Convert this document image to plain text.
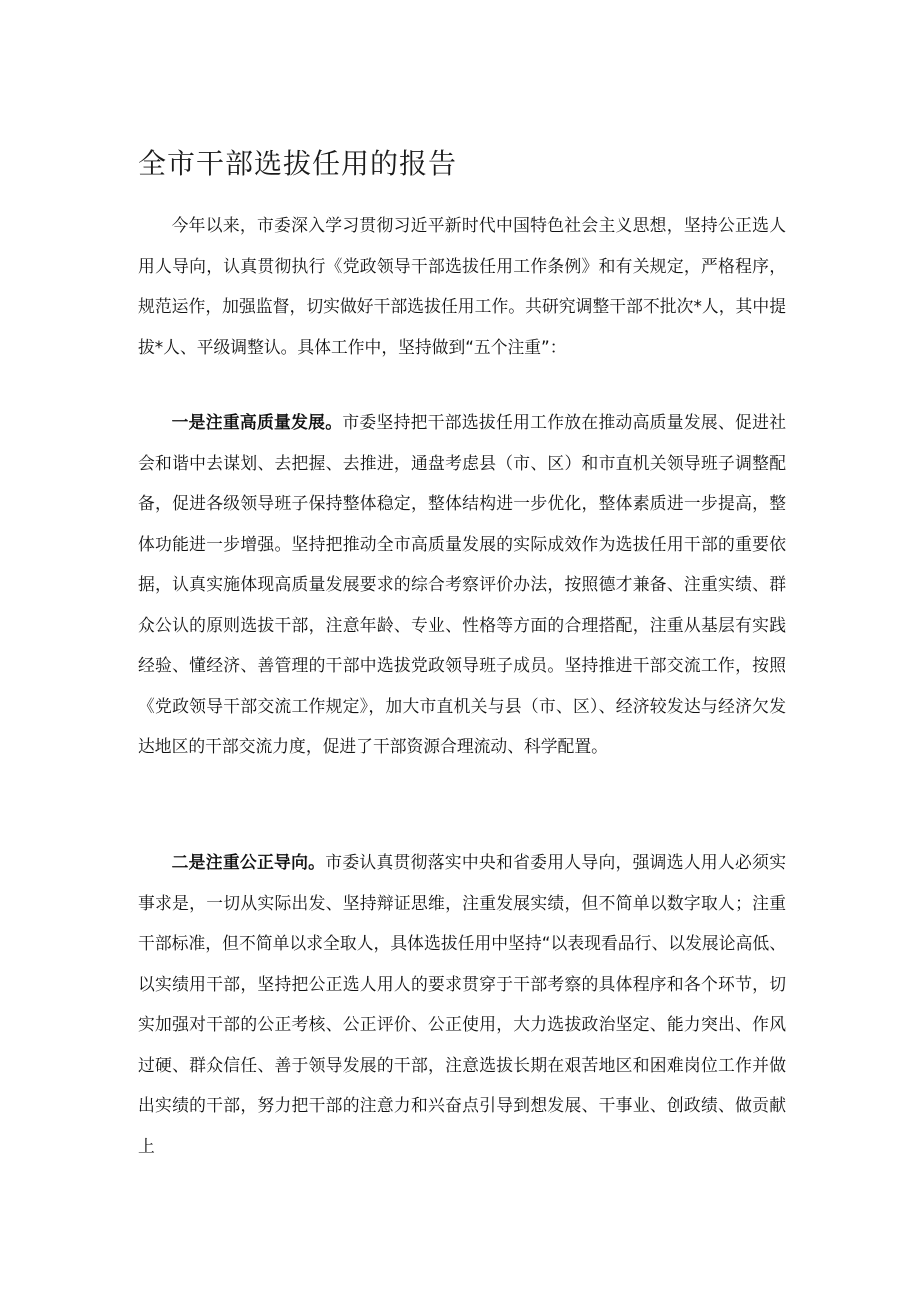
全市干部选拔任用的报告

今年以来，市委深入学习贯彻习近平新时代中国特色社会主义思想，坚持公正选人用人导向，认真贯彻执行《党政领导干部选拔任用工作条例》和有关规定，严格程序，规范运作，加强监督，切实做好干部选拔任用工作。共研究调整干部不批次*人，其中提拔*人、平级调整认。具体工作中，坚持做到“五个注重”：

一是注重高质量发展。市委坚持把干部选拔任用工作放在推动高质量发展、促进社会和谐中去谋划、去把握、去推进，通盘考虑县（市、区）和市直机关领导班子调整配备，促进各级领导班子保持整体稳定，整体结构进一步优化，整体素质进一步提高，整体功能进一步增强。坚持把推动全市高质量发展的实际成效作为选拔任用干部的重要依据，认真实施体现高质量发展要求的综合考察评价办法，按照德才兼备、注重实绩、群众公认的原则选拔干部，注意年龄、专业、性格等方面的合理搭配，注重从基层有实践经验、懂经济、善管理的干部中选拔党政领导班子成员。坚持推进干部交流工作，按照《党政领导干部交流工作规定》，加大市直机关与县（市、区）、经济较发达与经济欠发达地区的干部交流力度，促进了干部资源合理流动、科学配置。

二是注重公正导向。市委认真贯彻落实中央和省委用人导向，强调选人用人必须实事求是，一切从实际出发、坚持辩证思维，注重发展实绩，但不简单以数字取人；注重干部标准，但不简单以求全取人，具体选拔任用中坚持“以表现看品行、以发展论高低、以实绩用干部，坚持把公正选人用人的要求贯穿于干部考察的具体程序和各个环节，切实加强对干部的公正考核、公正评价、公正使用，大力选拔政治坚定、能力突出、作风过硬、群众信任、善于领导发展的干部，注意选拔长期在艰苦地区和困难岗位工作并做出实绩的干部，努力把干部的注意力和兴奋点引导到想发展、干事业、创政绩、做贡献上
